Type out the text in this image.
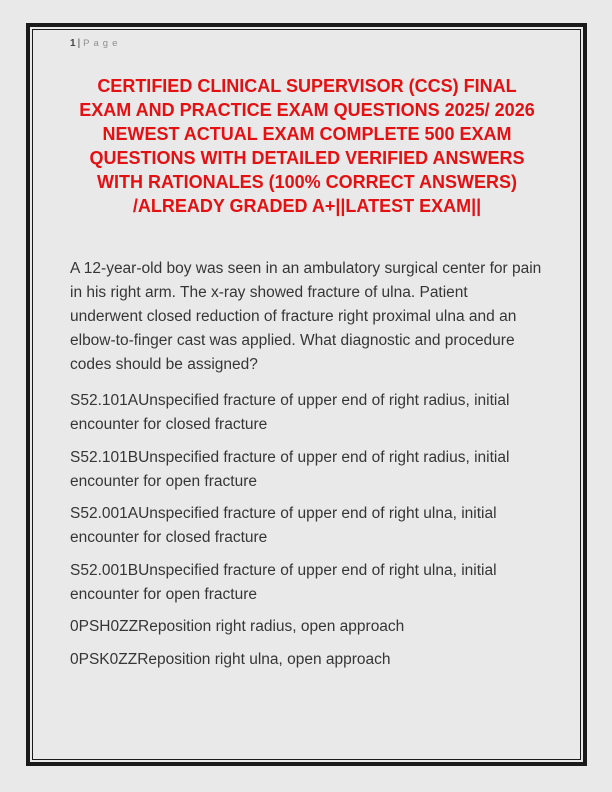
1 | Page
CERTIFIED CLINICAL SUPERVISOR (CCS) FINAL
EXAM AND PRACTICE EXAM QUESTIONS 2025/ 2026
NEWEST ACTUAL EXAM COMPLETE 500 EXAM
QUESTIONS WITH DETAILED VERIFIED ANSWERS
WITH RATIONALES (100% CORRECT ANSWERS)
/ALREADY GRADED A+||LATEST EXAM||

A 12-year-old boy was seen in an ambulatory surgical center for pain in his right arm. The x-ray showed fracture of ulna. Patient underwent closed reduction of fracture right proximal ulna and an elbow-to-finger cast was applied. What diagnostic and procedure codes should be assigned?

S52.101AUnspecified fracture of upper end of right radius, initial encounter for closed fracture

S52.101BUnspecified fracture of upper end of right radius, initial encounter for open fracture

S52.001AUnspecified fracture of upper end of right ulna, initial encounter for closed fracture

S52.001BUnspecified fracture of upper end of right ulna, initial encounter for open fracture

0PSH0ZZReposition right radius, open approach

0PSK0ZZReposition right ulna, open approach
